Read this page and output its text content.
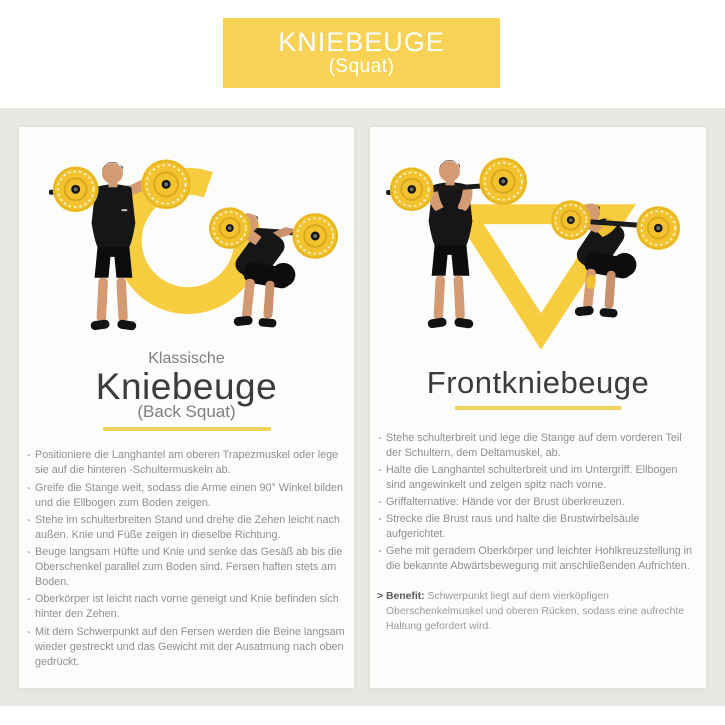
KNIEBEUGE
(Squat)
Klassische
Kniebeuge
(Back Squat)
- Positioniere die Langhantel am oberen Trapezmuskel oder lege sie auf die hinteren -Schultermuskeln ab.
- Greife die Stange weit, sodass die Arme einen 90° Winkel bilden und die Ellbogen zum Boden zeigen.
- Stehe im schulterbreiten Stand und drehe die Zehen leicht nach außen. Knie und Füße zeigen in dieselbe Richtung.
- Beuge langsam Hüfte und Knie und senke das Gesäß ab bis die Oberschenkel parallel zum Boden sind. Fersen haften stets am Boden.
- Oberkörper ist leicht nach vorne geneigt und Knie befinden sich hinter den Zehen.
- Mit dem Schwerpunkt auf den Fersen werden die Beine langsam wieder gestreckt und das Gewicht mit der Ausatmung nach oben gedrückt.
Frontkniebeuge
- Stehe schulterbreit und lege die Stange auf dem vorderen Teil der Schultern, dem Deltamuskel, ab.
- Halte die Langhantel schulterbreit und im Untergriff. Ellbogen sind angewinkelt und zeigen spitz nach vorne.
- Griffalternative: Hände vor der Brust überkreuzen.
- Strecke die Brust raus und halte die Brustwirbelsäule aufgerichtet.
- Gehe mit geradem Oberkörper und leichter Hohlkreuzstellung in die bekannte Abwärtsbewegung mit anschließenden Aufrichten.
> Benefit: Schwerpunkt liegt auf dem vierköpfigen Oberschenkelmuskel und oberen Rücken, sodass eine aufrechte Haltung gefordert wird.
